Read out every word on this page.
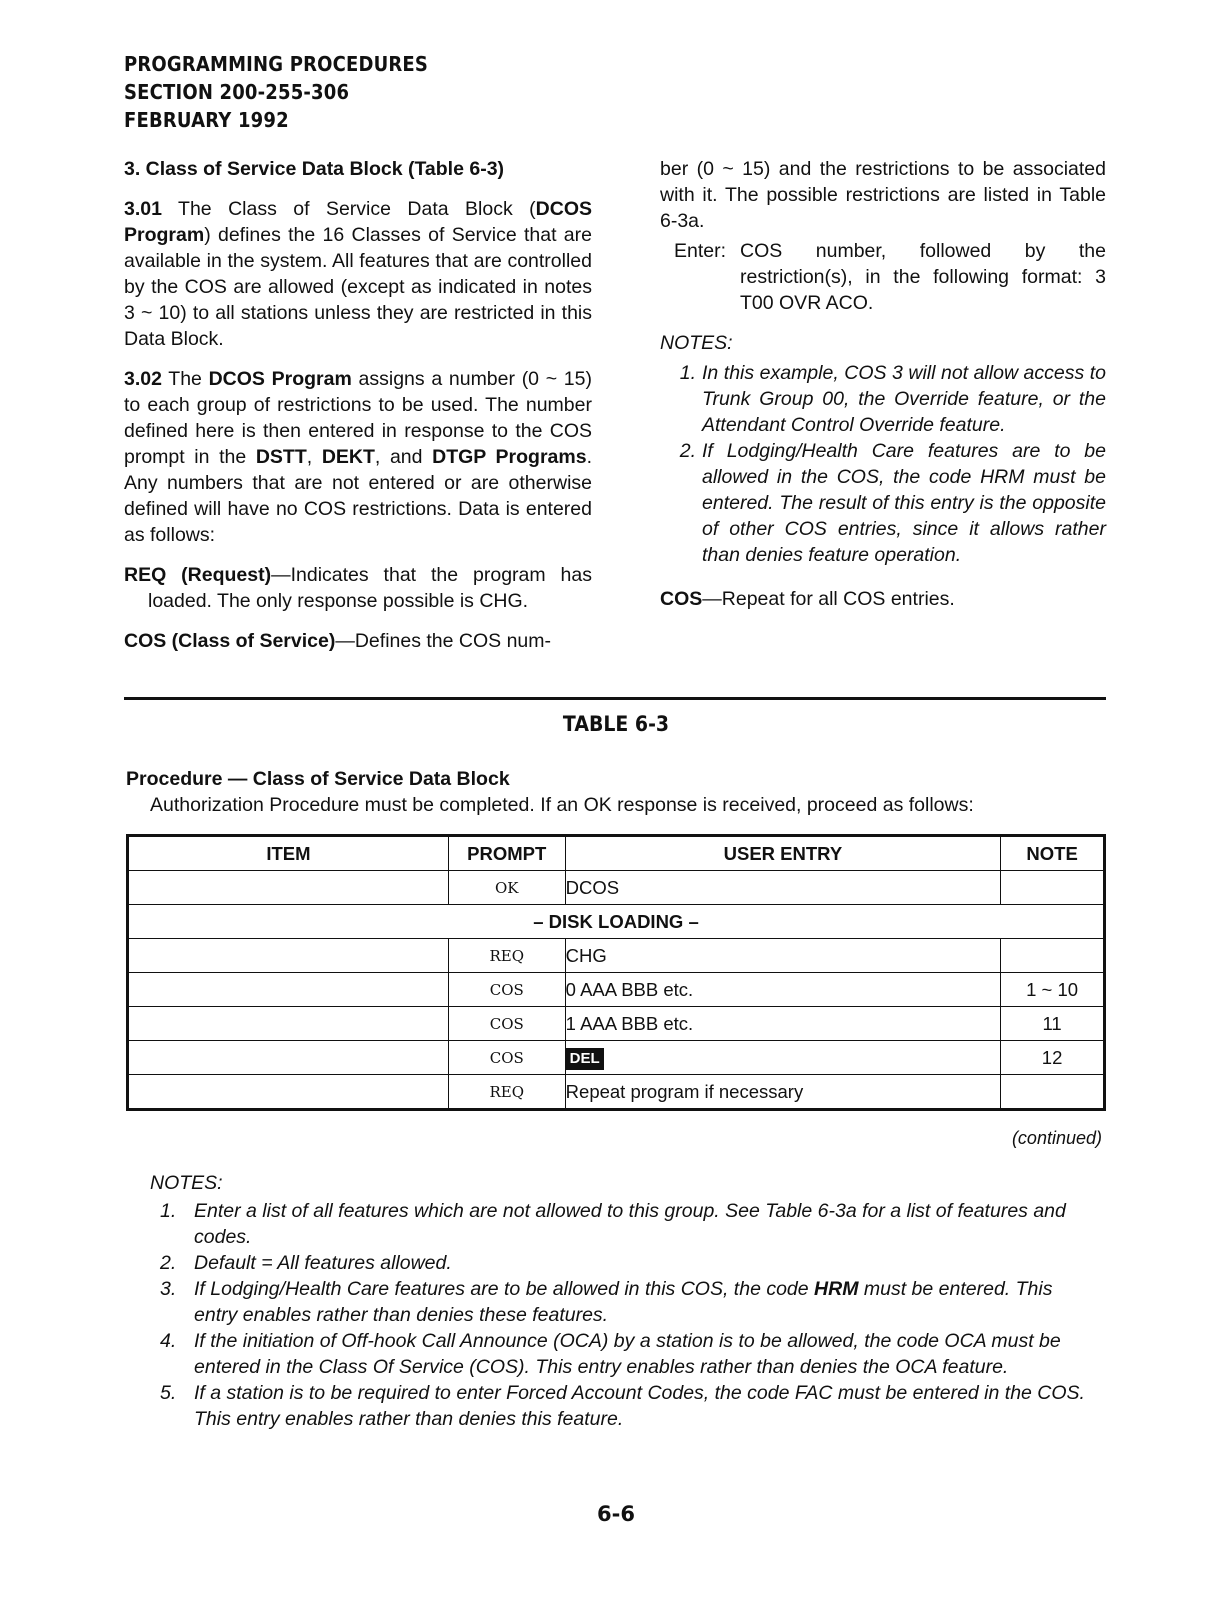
PROGRAMMING PROCEDURES
SECTION 200-255-306
FEBRUARY 1992

3. Class of Service Data Block (Table 6-3)

3.01 The Class of Service Data Block (DCOS Program) defines the 16 Classes of Service that are available in the system. All features that are controlled by the COS are allowed (except as indicated in notes 3 ~ 10) to all stations unless they are restricted in this Data Block.

3.02 The DCOS Program assigns a number (0 ~ 15) to each group of restrictions to be used. The number defined here is then entered in response to the COS prompt in the DSTT, DEKT, and DTGP Programs. Any numbers that are not entered or are otherwise defined will have no COS restrictions. Data is entered as follows:

REQ (Request)—Indicates that the program has loaded. The only response possible is CHG.

COS (Class of Service)—Defines the COS num-

ber (0 ~ 15) and the restrictions to be associated with it. The possible restrictions are listed in Table 6-3a.

Enter: COS number, followed by the restriction(s), in the following format: 3 T00 OVR ACO.
NOTES:
1. In this example, COS 3 will not allow access to Trunk Group 00, the Override feature, or the Attendant Control Override feature.
2. If Lodging/Health Care features are to be allowed in the COS, the code HRM must be entered. The result of this entry is the opposite of other COS entries, since it allows rather than denies feature operation.

COS—Repeat for all COS entries.

TABLE 6-3
Procedure — Class of Service Data Block
Authorization Procedure must be completed. If an OK response is received, proceed as follows:
ITEM	PROMPT	USER ENTRY	NOTE
	OK	DCOS	
– DISK LOADING –			
	REQ	CHG	
	COS	0 AAA BBB etc.	1 ~ 10
	COS	1 AAA BBB etc.	11
	COS	DEL	12
	REQ	Repeat program if necessary	
(continued)
NOTES:
1. Enter a list of all features which are not allowed to this group. See Table 6-3a for a list of features and codes.
2. Default = All features allowed.
3. If Lodging/Health Care features are to be allowed in this COS, the code HRM must be entered. This entry enables rather than denies these features.
4. If the initiation of Off-hook Call Announce (OCA) by a station is to be allowed, the code OCA must be entered in the Class Of Service (COS). This entry enables rather than denies the OCA feature.
5. If a station is to be required to enter Forced Account Codes, the code FAC must be entered in the COS. This entry enables rather than denies this feature.
6-6
